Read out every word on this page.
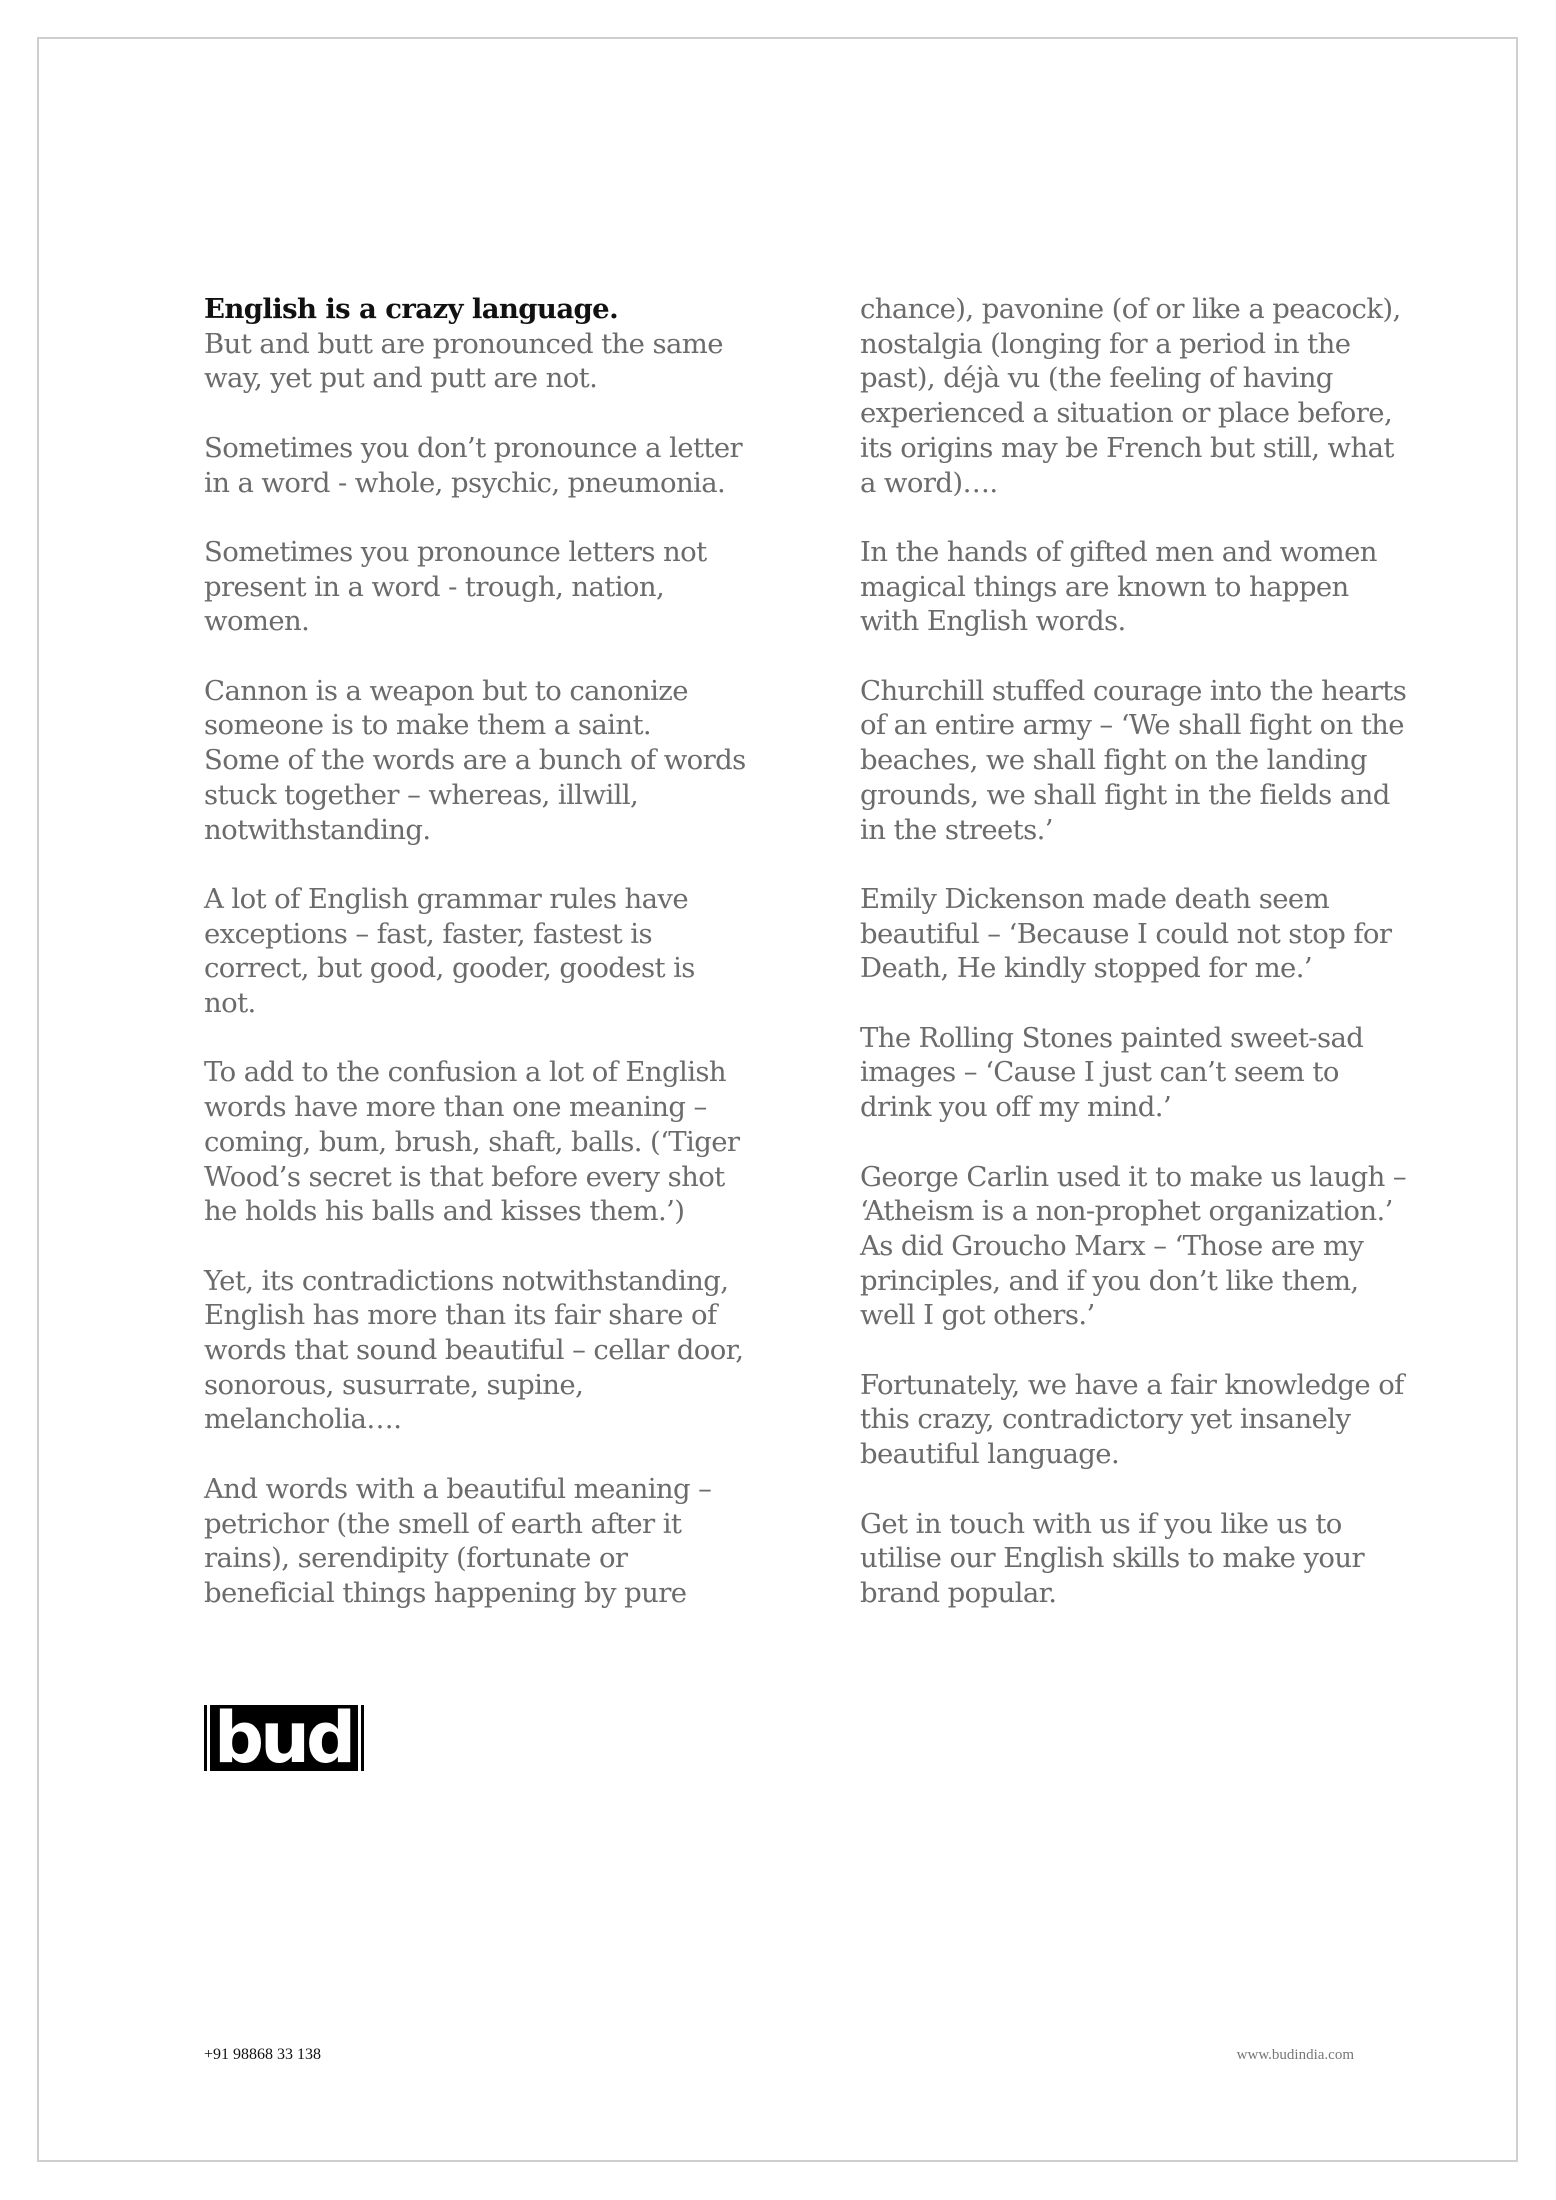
English is a crazy language.
But and butt are pronounced the same
way, yet put and putt are not.

Sometimes you don’t pronounce a letter
in a word - whole, psychic, pneumonia.

Sometimes you pronounce letters not
present in a word - trough, nation,
women.

Cannon is a weapon but to canonize
someone is to make them a saint.
Some of the words are a bunch of words
stuck together – whereas, illwill,
notwithstanding.

A lot of English grammar rules have
exceptions – fast, faster, fastest is
correct, but good, gooder, goodest is
not.

To add to the confusion a lot of English
words have more than one meaning –
coming, bum, brush, shaft, balls. (‘Tiger
Wood’s secret is that before every shot
he holds his balls and kisses them.’)

Yet, its contradictions notwithstanding,
English has more than its fair share of
words that sound beautiful – cellar door,
sonorous, susurrate, supine,
melancholia….

And words with a beautiful meaning –
petrichor (the smell of earth after it
rains), serendipity (fortunate or
beneficial things happening by pure

chance), pavonine (of or like a peacock),
nostalgia (longing for a period in the
past), déjà vu (the feeling of having
experienced a situation or place before,
its origins may be French but still, what
a word)….

In the hands of gifted men and women
magical things are known to happen
with English words.

Churchill stuffed courage into the hearts
of an entire army – ‘We shall fight on the
beaches, we shall fight on the landing
grounds, we shall fight in the fields and
in the streets.’

Emily Dickenson made death seem
beautiful – ‘Because I could not stop for
Death, He kindly stopped for me.’

The Rolling Stones painted sweet-sad
images – ‘Cause I just can’t seem to
drink you off my mind.’

George Carlin used it to make us laugh –
‘Atheism is a non-prophet organization.’
As did Groucho Marx – ‘Those are my
principles, and if you don’t like them,
well I got others.’

Fortunately, we have a fair knowledge of
this crazy, contradictory yet insanely
beautiful language.

Get in touch with us if you like us to
utilise our English skills to make your
brand popular.

bud
+91 98868 33 138	www.budindia.com
